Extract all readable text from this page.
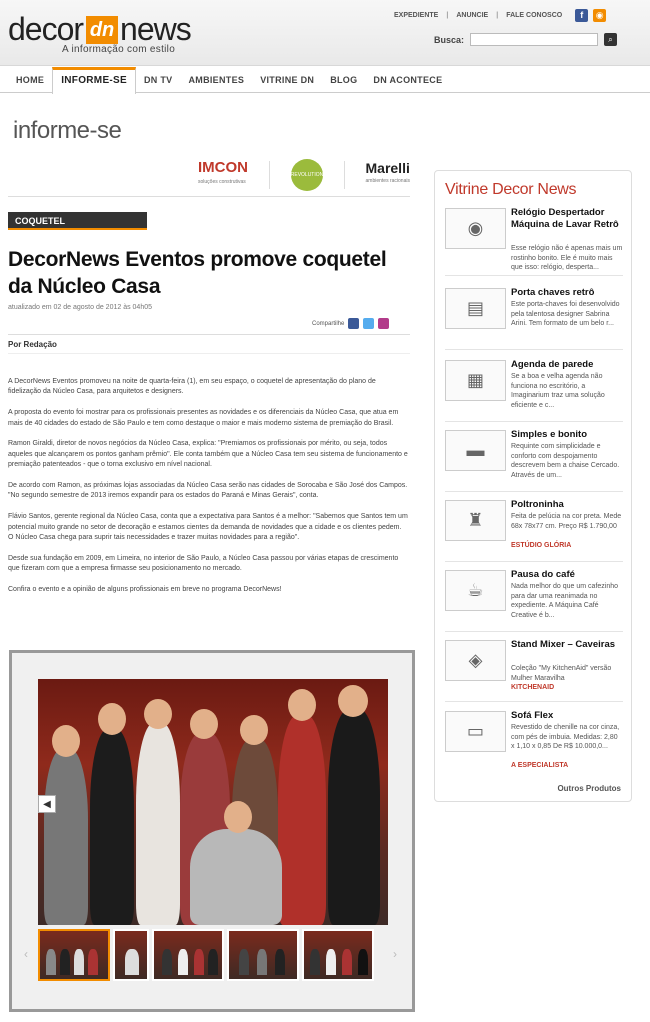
decor dn news
A informação com estilo
EXPEDIENTE | ANUNCIE | FALE CONOSCO	f	◉
Busca:	⌕
HOME	INFORME-SE	DN TV	AMBIENTES	VITRINE DN	BLOG	DN ACONTECE
informe-se
IMCON
soluções construtivas
REVOLUTION	Marelli
ambientes racionais
COQUETEL
DecorNews Eventos promove coquetel da Núcleo Casa
atualizado em 02 de agosto de 2012 às 04h05
Compartilhe
Por Redação

A DecorNews Eventos promoveu na noite de quarta-feira (1), em seu espaço, o coquetel de apresentação do plano de fidelização da Núcleo Casa, para arquitetos e designers.

A proposta do evento foi mostrar para os profissionais presentes as novidades e os diferenciais da Núcleo Casa, que atua em mais de 40 cidades do estado de São Paulo e tem como destaque o maior e mais moderno sistema de premiação do Brasil.

Ramon Giraldi, diretor de novos negócios da Núcleo Casa, explica: "Premiamos os profissionais por mérito, ou seja, todos aqueles que alcançarem os pontos ganham prêmio". Ele conta também que a Núcleo Casa tem seu sistema de funcionamento e premiação patenteados - que o torna exclusivo em nível nacional.

De acordo com Ramon, as próximas lojas associadas da Núcleo Casa serão nas cidades de Sorocaba e São José dos Campos. "No segundo semestre de 2013 iremos expandir para os estados do Paraná e Minas Gerais", conta.

Flávio Santos, gerente regional da Núcleo Casa, conta que a expectativa para Santos é a melhor: "Sabemos que Santos tem um potencial muito grande no setor de decoração e estamos cientes da demanda de novidades que a cidade e os clientes pedem. O Núcleo Casa chega para suprir tais necessidades e trazer muitas novidades para a região".

Desde sua fundação em 2009, em Limeira, no interior de São Paulo, a Núcleo Casa passou por várias etapas de crescimento que fizeram com que a empresa firmasse seu posicionamento no mercado.

Confira o evento e a opinião de alguns profissionais em breve no programa DecorNews!

◀
‹	›
Vitrine Decor News
◉
Relógio Despertador Máquina de Lavar Retrô
Esse relógio não é apenas mais um rostinho bonito. Ele é muito mais que isso: relógio, desperta...
▤
Porta chaves retrô
Este porta-chaves foi desenvolvido pela talentosa designer Sabrina Arini. Tem formato de um belo r...
▦
Agenda de parede
Se a boa e velha agenda não funciona no escritório, a Imaginarium traz uma solução eficiente e c...
▬
Simples e bonito
Requinte com simplicidade e conforto com despojamento descrevem bem a chaise Cercado. Através de um...
♜
Poltroninha
Feita de pelúcia na cor preta. Mede 68x 78x77 cm. Preço R$ 1.790,00
ESTÚDIO GLÓRIA
☕
Pausa do café
Nada melhor do que um cafezinho para dar uma reanimada no expediente. A Máquina Café Creative é b...
◈
Stand Mixer – Caveiras
Coleção "My KitchenAid" versão Mulher Maravilha
KITCHENAID
▭
Sofá Flex
Revestido de chenille na cor cinza, com pés de imbuia. Medidas: 2,80 x 1,10 x 0,85 De R$ 10.000,0...
A ESPECIALISTA
Outros Produtos
